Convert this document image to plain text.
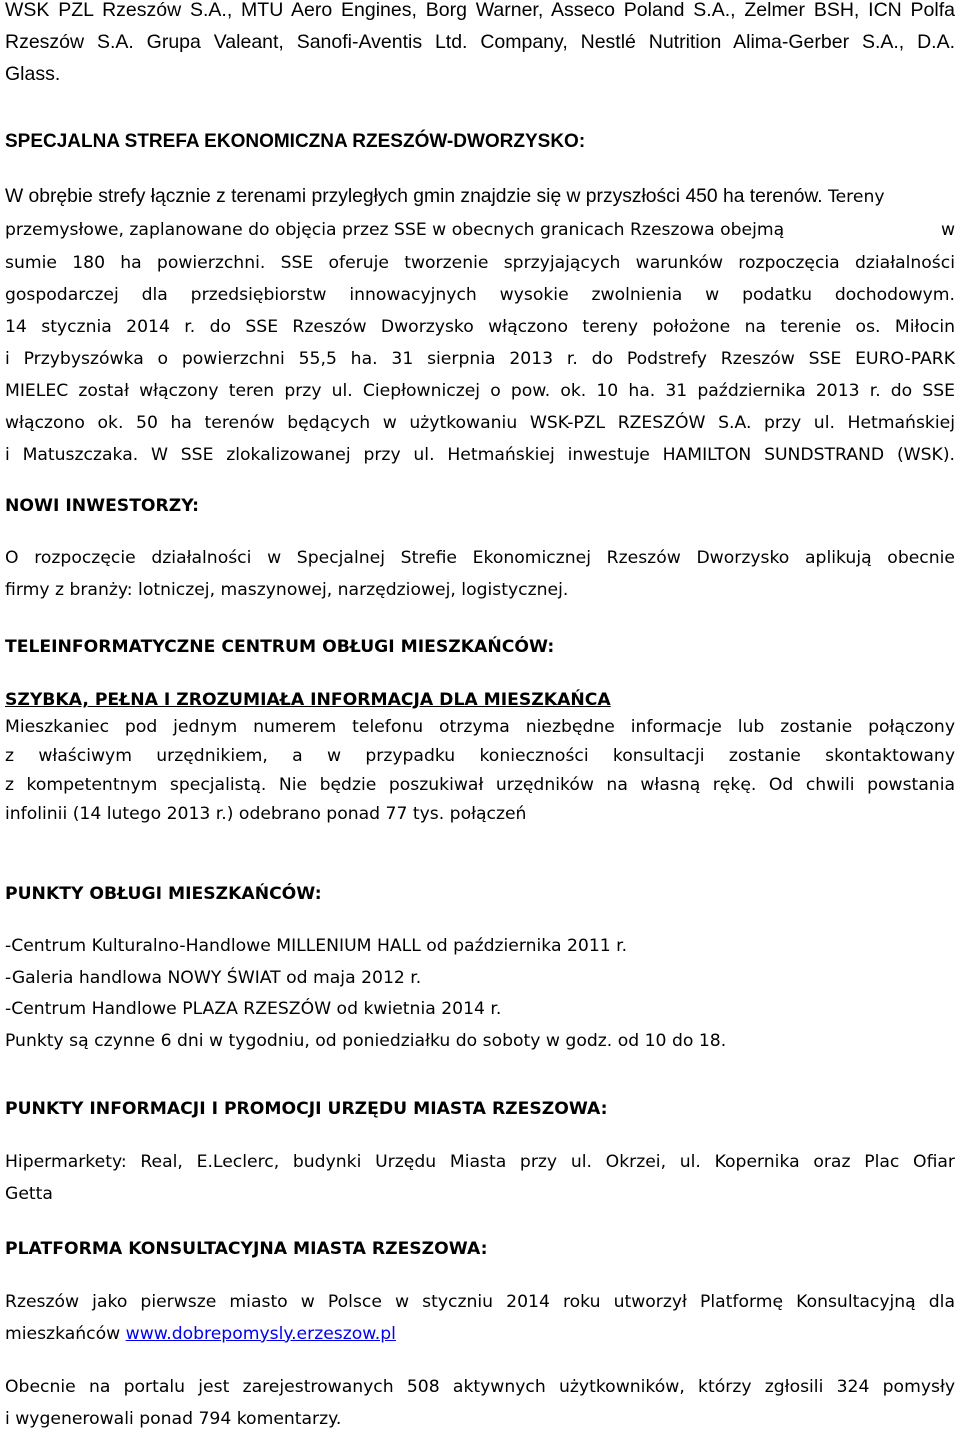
WSK PZL Rzeszów S.A., MTU Aero Engines, Borg Warner, Asseco Poland S.A., Zelmer BSH, ICN Polfa
Rzeszów S.A. Grupa Valeant, Sanofi-Aventis Ltd. Company, Nestlé Nutrition Alima-Gerber S.A., D.A.
Glass.
SPECJALNA STREFA EKONOMICZNA RZESZÓW-DWORZYSKO:
W obrębie strefy łącznie z terenami przyległych gmin znajdzie się w przyszłości 450 ha terenów. Tereny
przemysłowe, zaplanowane do objęcia przez SSE w obecnych granicach Rzeszowa obejmą	w
sumie 180 ha powierzchni. SSE oferuje tworzenie sprzyjających warunków rozpoczęcia działalności
gospodarczej dla przedsiębiorstw innowacyjnych wysokie zwolnienia w podatku dochodowym.
14 stycznia 2014 r. do SSE Rzeszów Dworzysko włączono tereny położone na terenie os. Miłocin
i Przybyszówka o powierzchni 55,5 ha. 31 sierpnia 2013 r. do Podstrefy Rzeszów SSE EURO-PARK
MIELEC został włączony teren przy ul. Ciepłowniczej o pow. ok. 10 ha. 31 października 2013 r. do SSE
włączono ok. 50 ha terenów będących w użytkowaniu WSK-PZL RZESZÓW S.A. przy ul. Hetmańskiej
i Matuszczaka. W SSE zlokalizowanej przy ul. Hetmańskiej inwestuje HAMILTON SUNDSTRAND (WSK).
NOWI INWESTORZY:
O rozpoczęcie działalności w Specjalnej Strefie Ekonomicznej Rzeszów Dworzysko aplikują obecnie
firmy z branży: lotniczej, maszynowej, narzędziowej, logistycznej.
TELEINFORMATYCZNE CENTRUM OBŁUGI MIESZKAŃCÓW:
SZYBKA, PEŁNA I ZROZUMIAŁA INFORMACJA DLA MIESZKAŃCA
Mieszkaniec pod jednym numerem telefonu otrzyma niezbędne informacje lub zostanie połączony
z właściwym urzędnikiem, a w przypadku konieczności konsultacji zostanie skontaktowany
z kompetentnym specjalistą. Nie będzie poszukiwał urzędników na własną rękę. Od chwili powstania
infolinii (14 lutego 2013 r.) odebrano ponad 77 tys. połączeń
PUNKTY OBŁUGI MIESZKAŃCÓW:
-Centrum Kulturalno-Handlowe MILLENIUM HALL od października 2011 r.
-Galeria handlowa NOWY ŚWIAT od maja 2012 r.
-Centrum Handlowe PLAZA RZESZÓW od kwietnia 2014 r.
Punkty są czynne 6 dni w tygodniu, od poniedziałku do soboty w godz. od 10 do 18.
PUNKTY INFORMACJI I PROMOCJI URZĘDU MIASTA RZESZOWA:
Hipermarkety: Real, E.Leclerc, budynki Urzędu Miasta przy ul. Okrzei, ul. Kopernika oraz Plac Ofiar
Getta
PLATFORMA KONSULTACYJNA MIASTA RZESZOWA:
Rzeszów jako pierwsze miasto w Polsce w styczniu 2014 roku utworzył Platformę Konsultacyjną dla
mieszkańców www.dobrepomysly.erzeszow.pl
Obecnie na portalu jest zarejestrowanych 508 aktywnych użytkowników, którzy zgłosili 324 pomysły
i wygenerowali ponad 794 komentarzy.
